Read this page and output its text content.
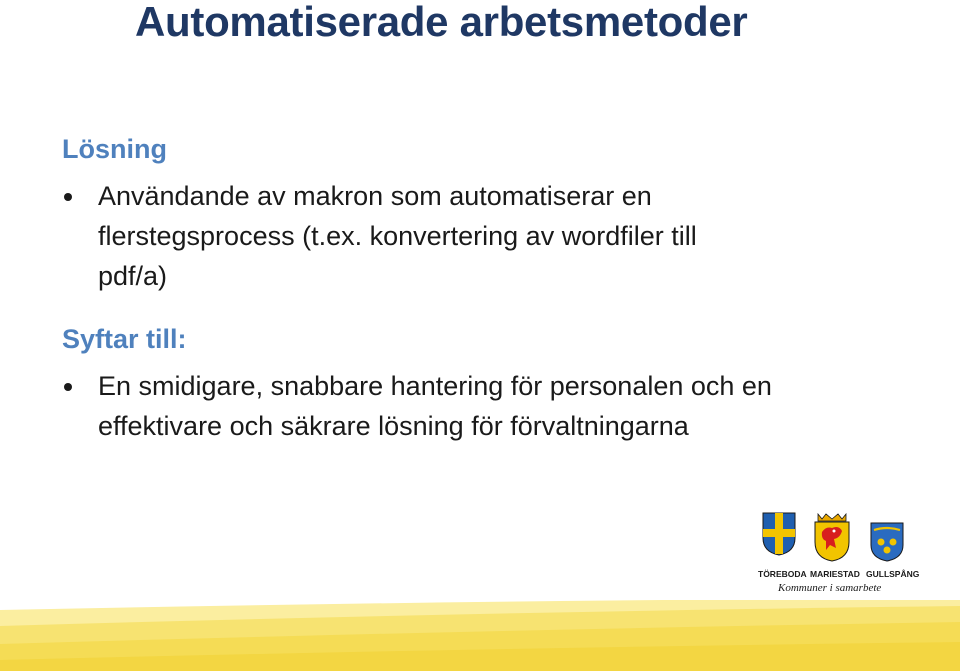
Automatiserade arbetsmetoder
Lösning
Användande av makron som automatiserar en flerstegsprocess (t.ex. konvertering av wordfiler till pdf/a)
Syftar till:
En smidigare, snabbare hantering för personalen och en effektivare och säkrare lösning för förvaltningarna
TÖREBODA MARIESTAD GULLSPÅNG
Kommuner i samarbete
